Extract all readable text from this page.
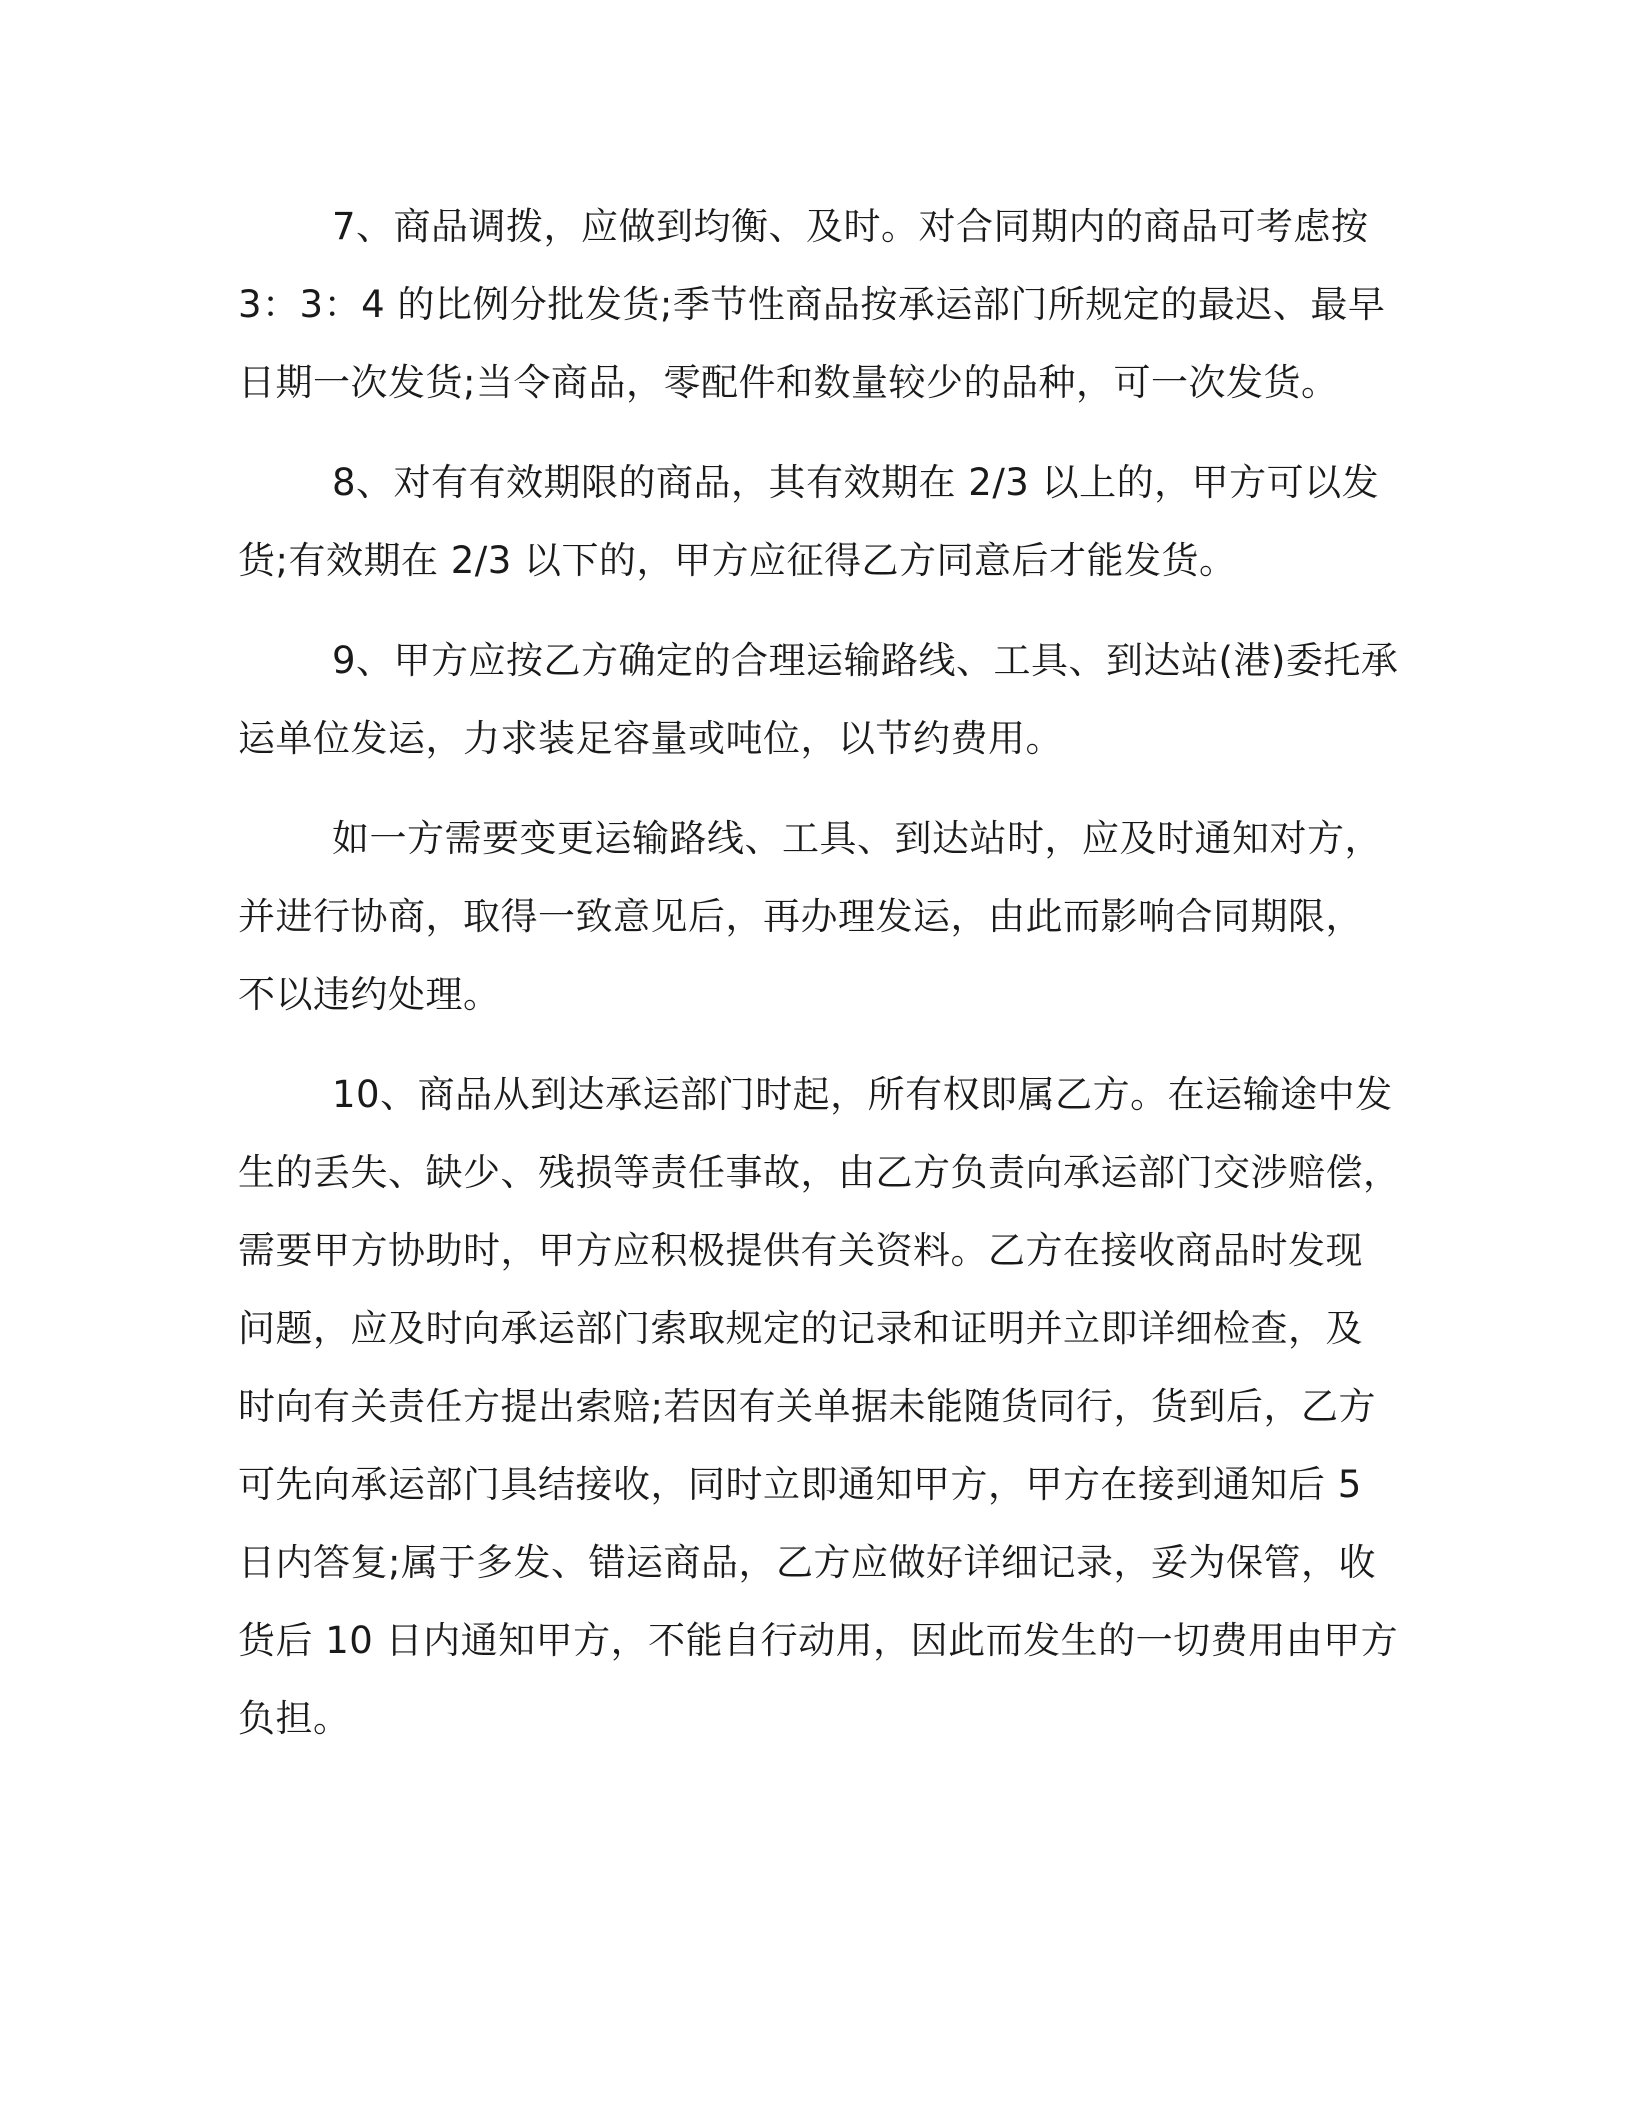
7、商品调拨，应做到均衡、及时。对合同期内的商品可考虑按
3：3：4 的比例分批发货;季节性商品按承运部门所规定的最迟、最早
日期一次发货;当令商品，零配件和数量较少的品种，可一次发货。
8、对有有效期限的商品，其有效期在 2/3 以上的，甲方可以发
货;有效期在 2/3 以下的，甲方应征得乙方同意后才能发货。
9、甲方应按乙方确定的合理运输路线、工具、到达站(港)委托承
运单位发运，力求装足容量或吨位，以节约费用。
如一方需要变更运输路线、工具、到达站时，应及时通知对方，
并进行协商，取得一致意见后，再办理发运，由此而影响合同期限，
不以违约处理。
10、商品从到达承运部门时起，所有权即属乙方。在运输途中发
生的丢失、缺少、残损等责任事故，由乙方负责向承运部门交涉赔偿，
需要甲方协助时，甲方应积极提供有关资料。乙方在接收商品时发现
问题，应及时向承运部门索取规定的记录和证明并立即详细检查，及
时向有关责任方提出索赔;若因有关单据未能随货同行，货到后，乙方
可先向承运部门具结接收，同时立即通知甲方，甲方在接到通知后 5
日内答复;属于多发、错运商品，乙方应做好详细记录，妥为保管，收
货后 10 日内通知甲方，不能自行动用，因此而发生的一切费用由甲方
负担。
